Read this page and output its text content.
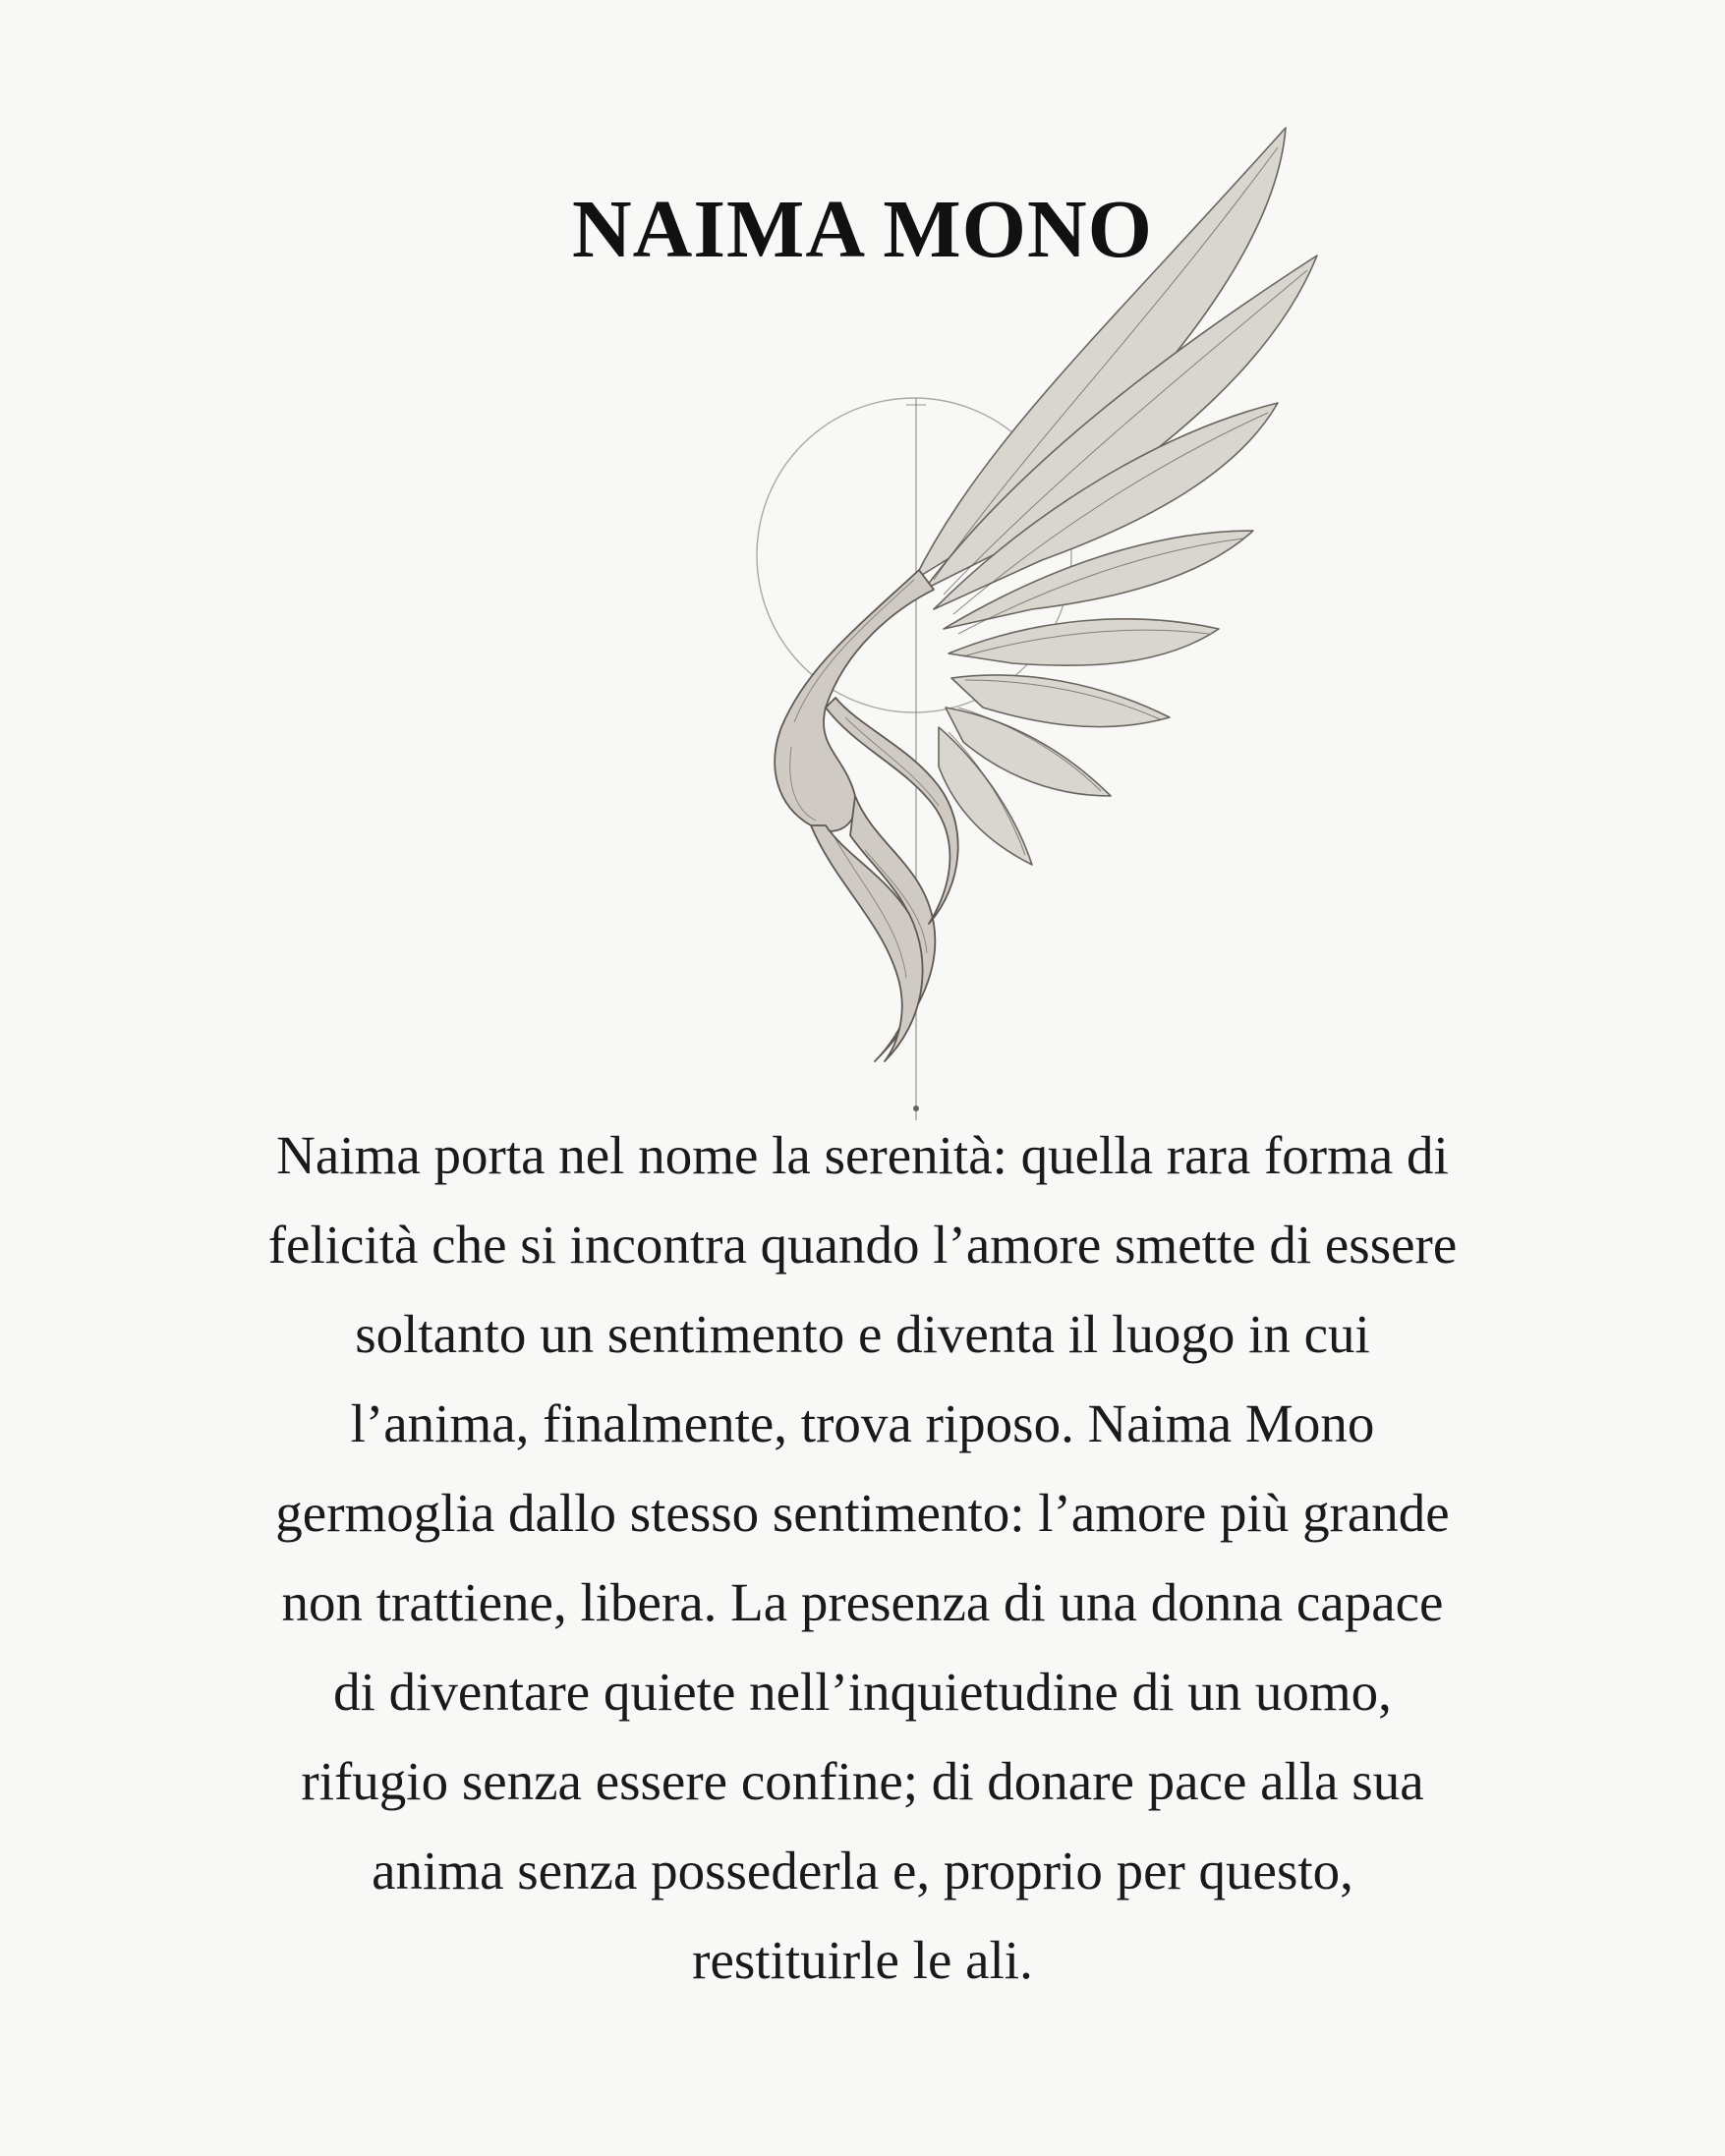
NAIMA MONO

Naima porta nel nome la serenità: quella rara forma di
felicità che si incontra quando l’amore smette di essere
soltanto un sentimento e diventa il luogo in cui
l’anima, finalmente, trova riposo. Naima Mono
germoglia dallo stesso sentimento: l’amore più grande
non trattiene, libera. La presenza di una donna capace
di diventare quiete nell’inquietudine di un uomo,
rifugio senza essere confine; di donare pace alla sua
anima senza possederla e, proprio per questo,
restituirle le ali.
